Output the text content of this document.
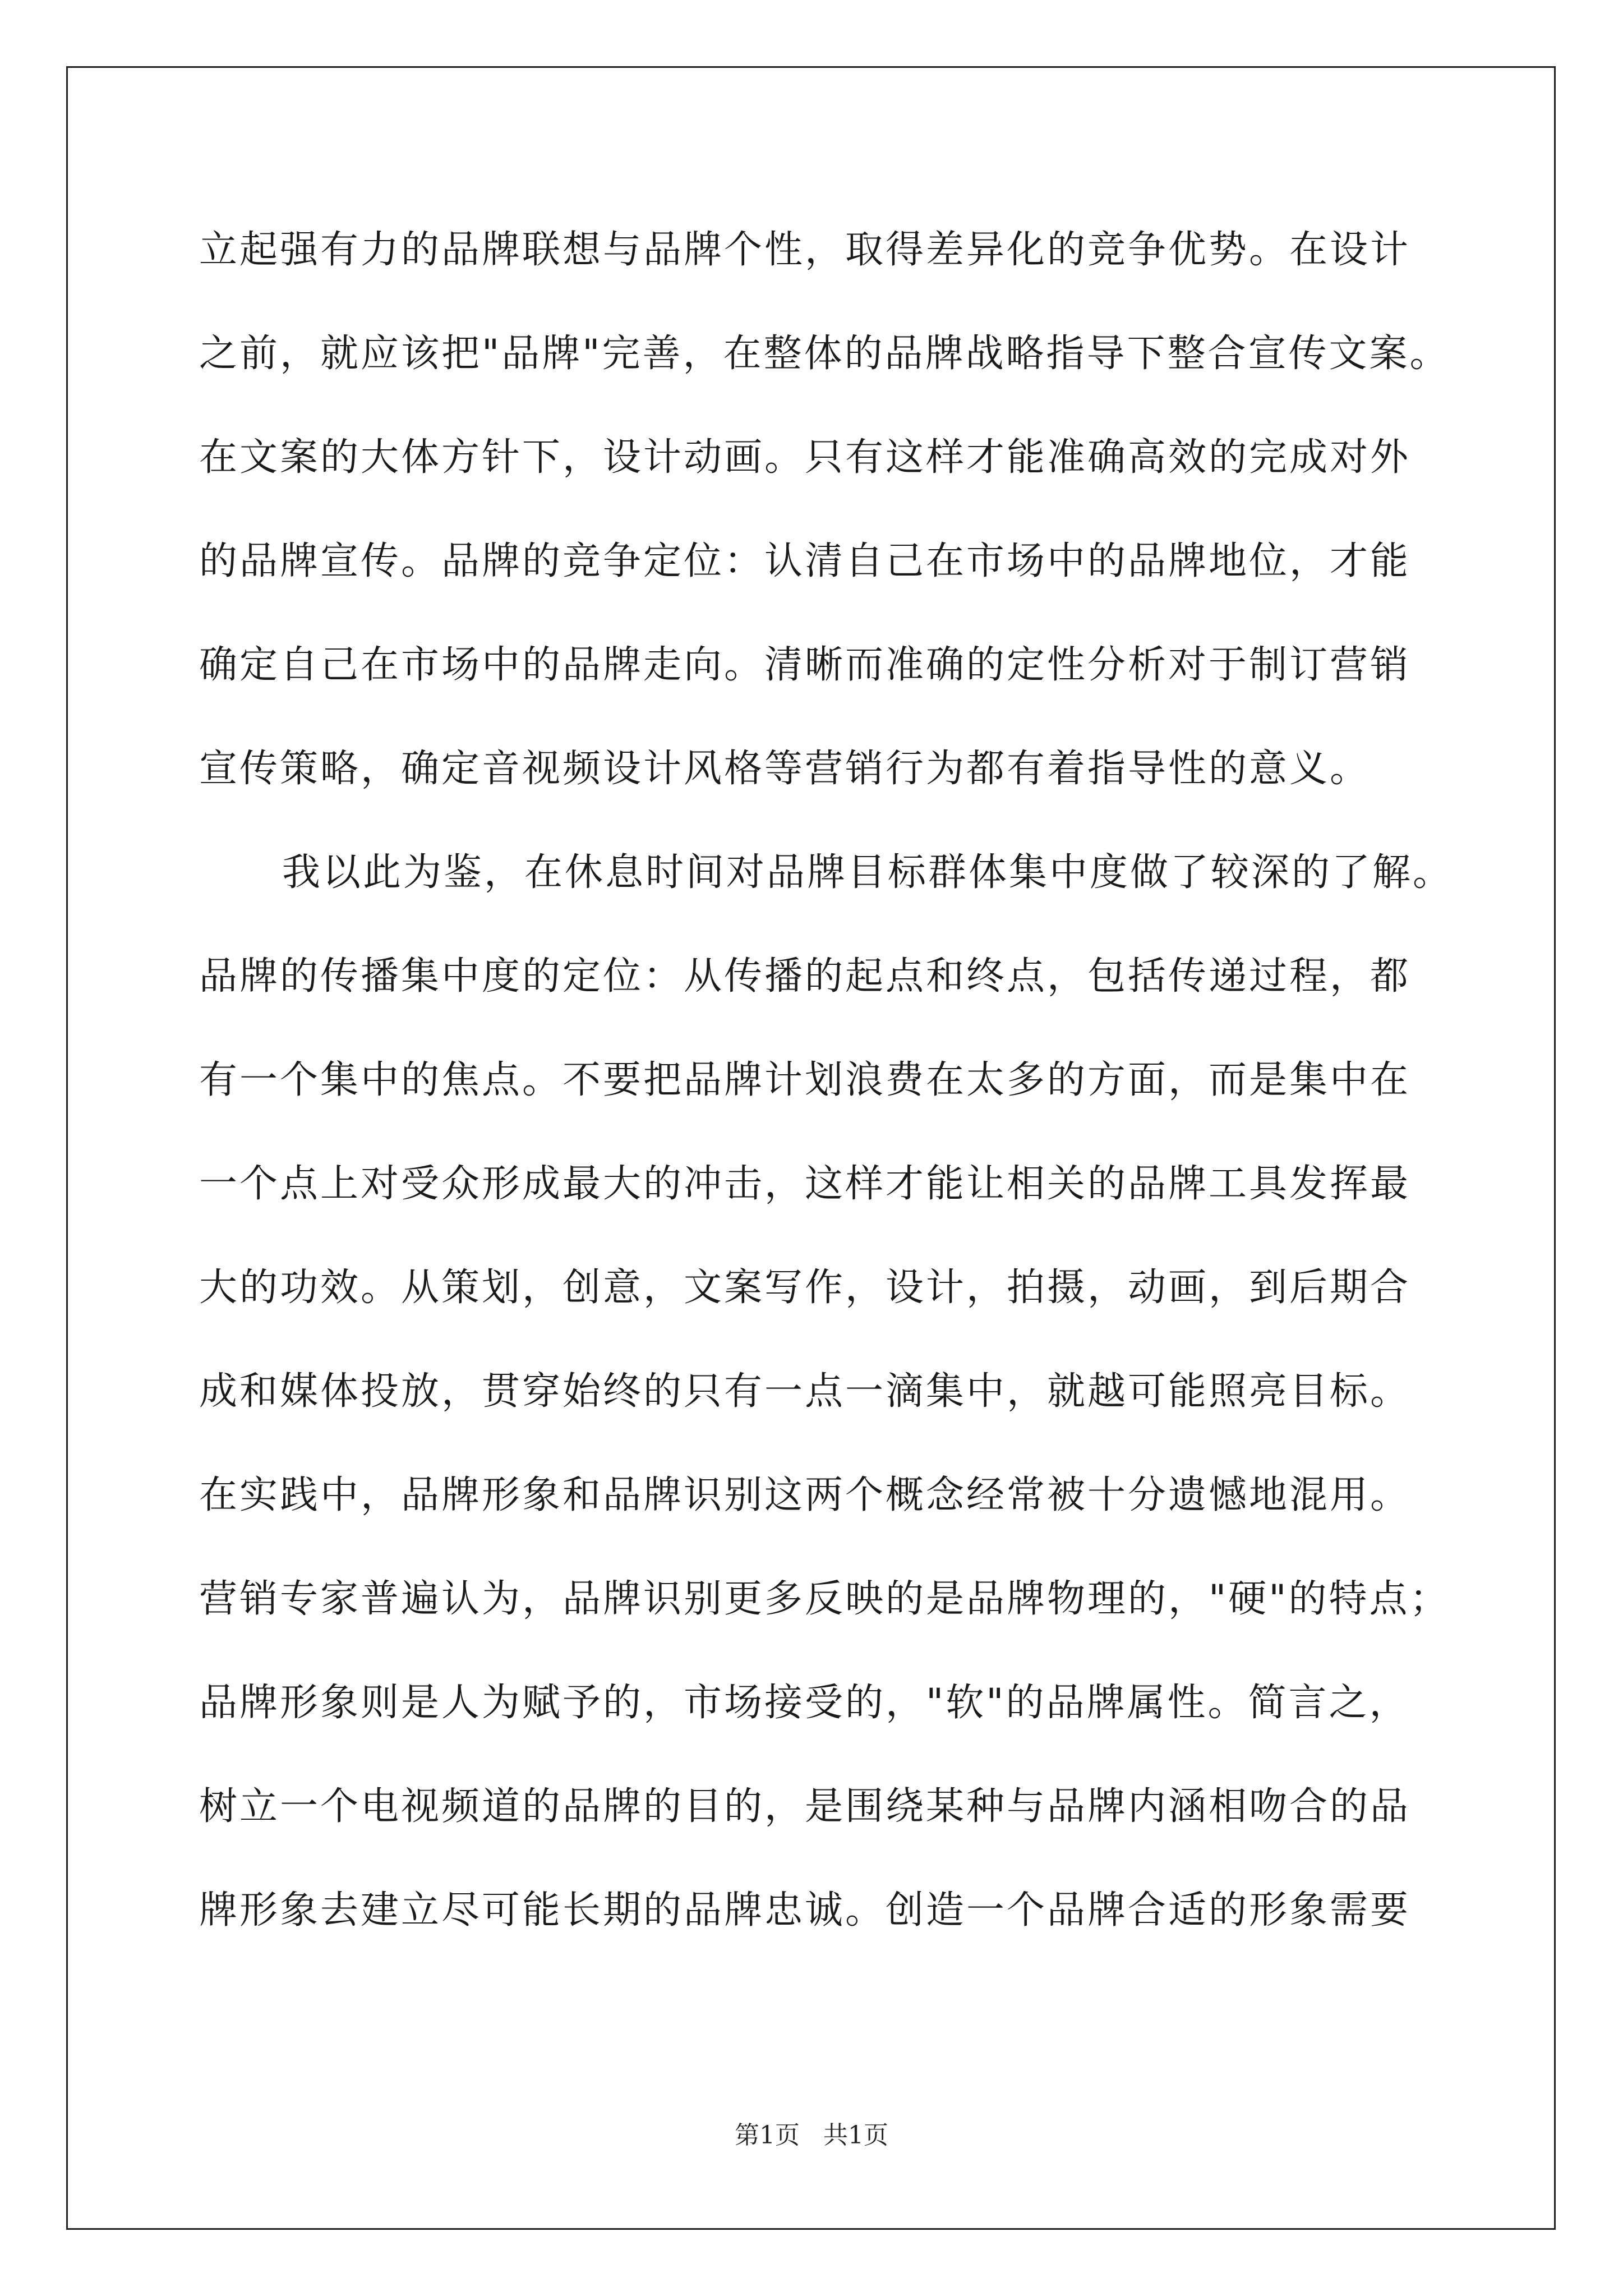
立起强有力的品牌联想与品牌个性，取得差异化的竞争优势。在设计
之前，就应该把"品牌"完善，在整体的品牌战略指导下整合宣传文案。
在文案的大体方针下，设计动画。只有这样才能准确高效的完成对外
的品牌宣传。品牌的竞争定位：认清自己在市场中的品牌地位，才能
确定自己在市场中的品牌走向。清晰而准确的定性分析对于制订营销
宣传策略，确定音视频设计风格等营销行为都有着指导性的意义。
我以此为鉴，在休息时间对品牌目标群体集中度做了较深的了解。
品牌的传播集中度的定位：从传播的起点和终点，包括传递过程，都
有一个集中的焦点。不要把品牌计划浪费在太多的方面，而是集中在
一个点上对受众形成最大的冲击，这样才能让相关的品牌工具发挥最
大的功效。从策划，创意，文案写作，设计，拍摄，动画，到后期合
成和媒体投放，贯穿始终的只有一点一滴集中，就越可能照亮目标。
在实践中，品牌形象和品牌识别这两个概念经常被十分遗憾地混用。
营销专家普遍认为，品牌识别更多反映的是品牌物理的，"硬"的特点；
品牌形象则是人为赋予的，市场接受的，"软"的品牌属性。简言之，
树立一个电视频道的品牌的目的，是围绕某种与品牌内涵相吻合的品
牌形象去建立尽可能长期的品牌忠诚。创造一个品牌合适的形象需要
第1页   共1页
